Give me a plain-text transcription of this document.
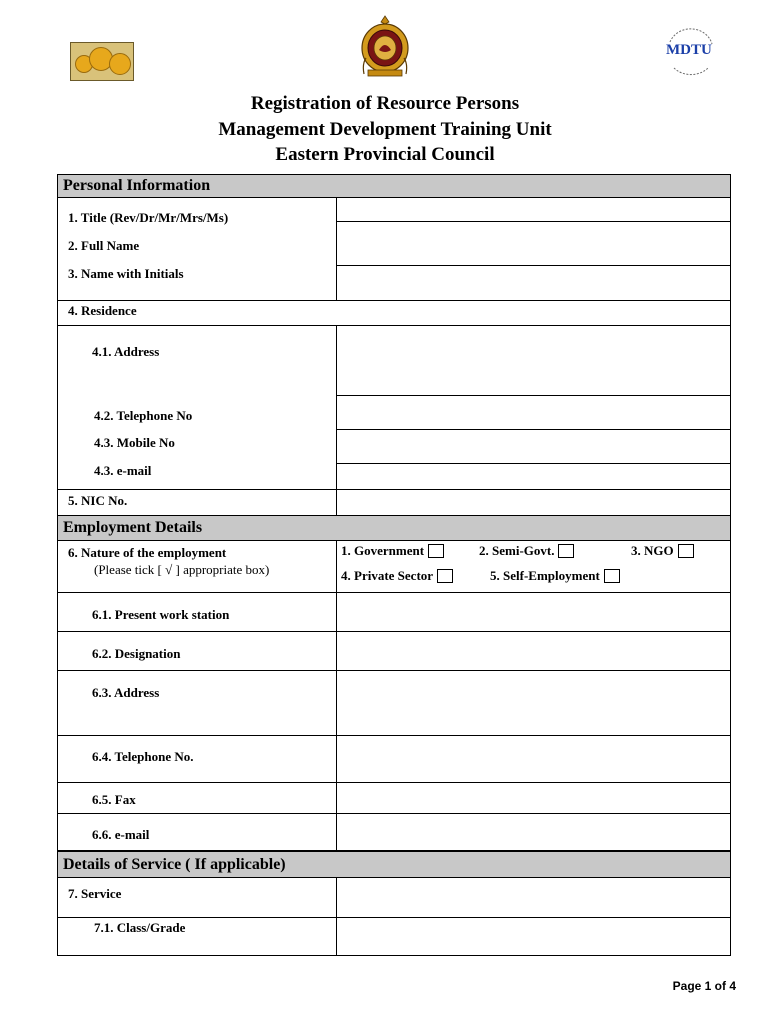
MDTU
Registration of Resource Persons
Management Development Training Unit
Eastern Provincial Council
Personal Information
1. Title (Rev/Dr/Mr/Mrs/Ms)
2. Full Name
3. Name with Initials
4. Residence
4.1. Address
4.2. Telephone No
4.3. Mobile No
4.3. e-mail
5. NIC No.
Employment Details
6. Nature of the employment
(Please tick [ √ ] appropriate box)
1. Government	2. Semi-Govt.	3. NGO
4. Private Sector	5. Self-Employment
6.1. Present work station
6.2. Designation
6.3. Address
6.4. Telephone No.
6.5. Fax
6.6. e-mail
Details of Service ( If applicable)
7. Service
7.1. Class/Grade
Page 1 of 4
